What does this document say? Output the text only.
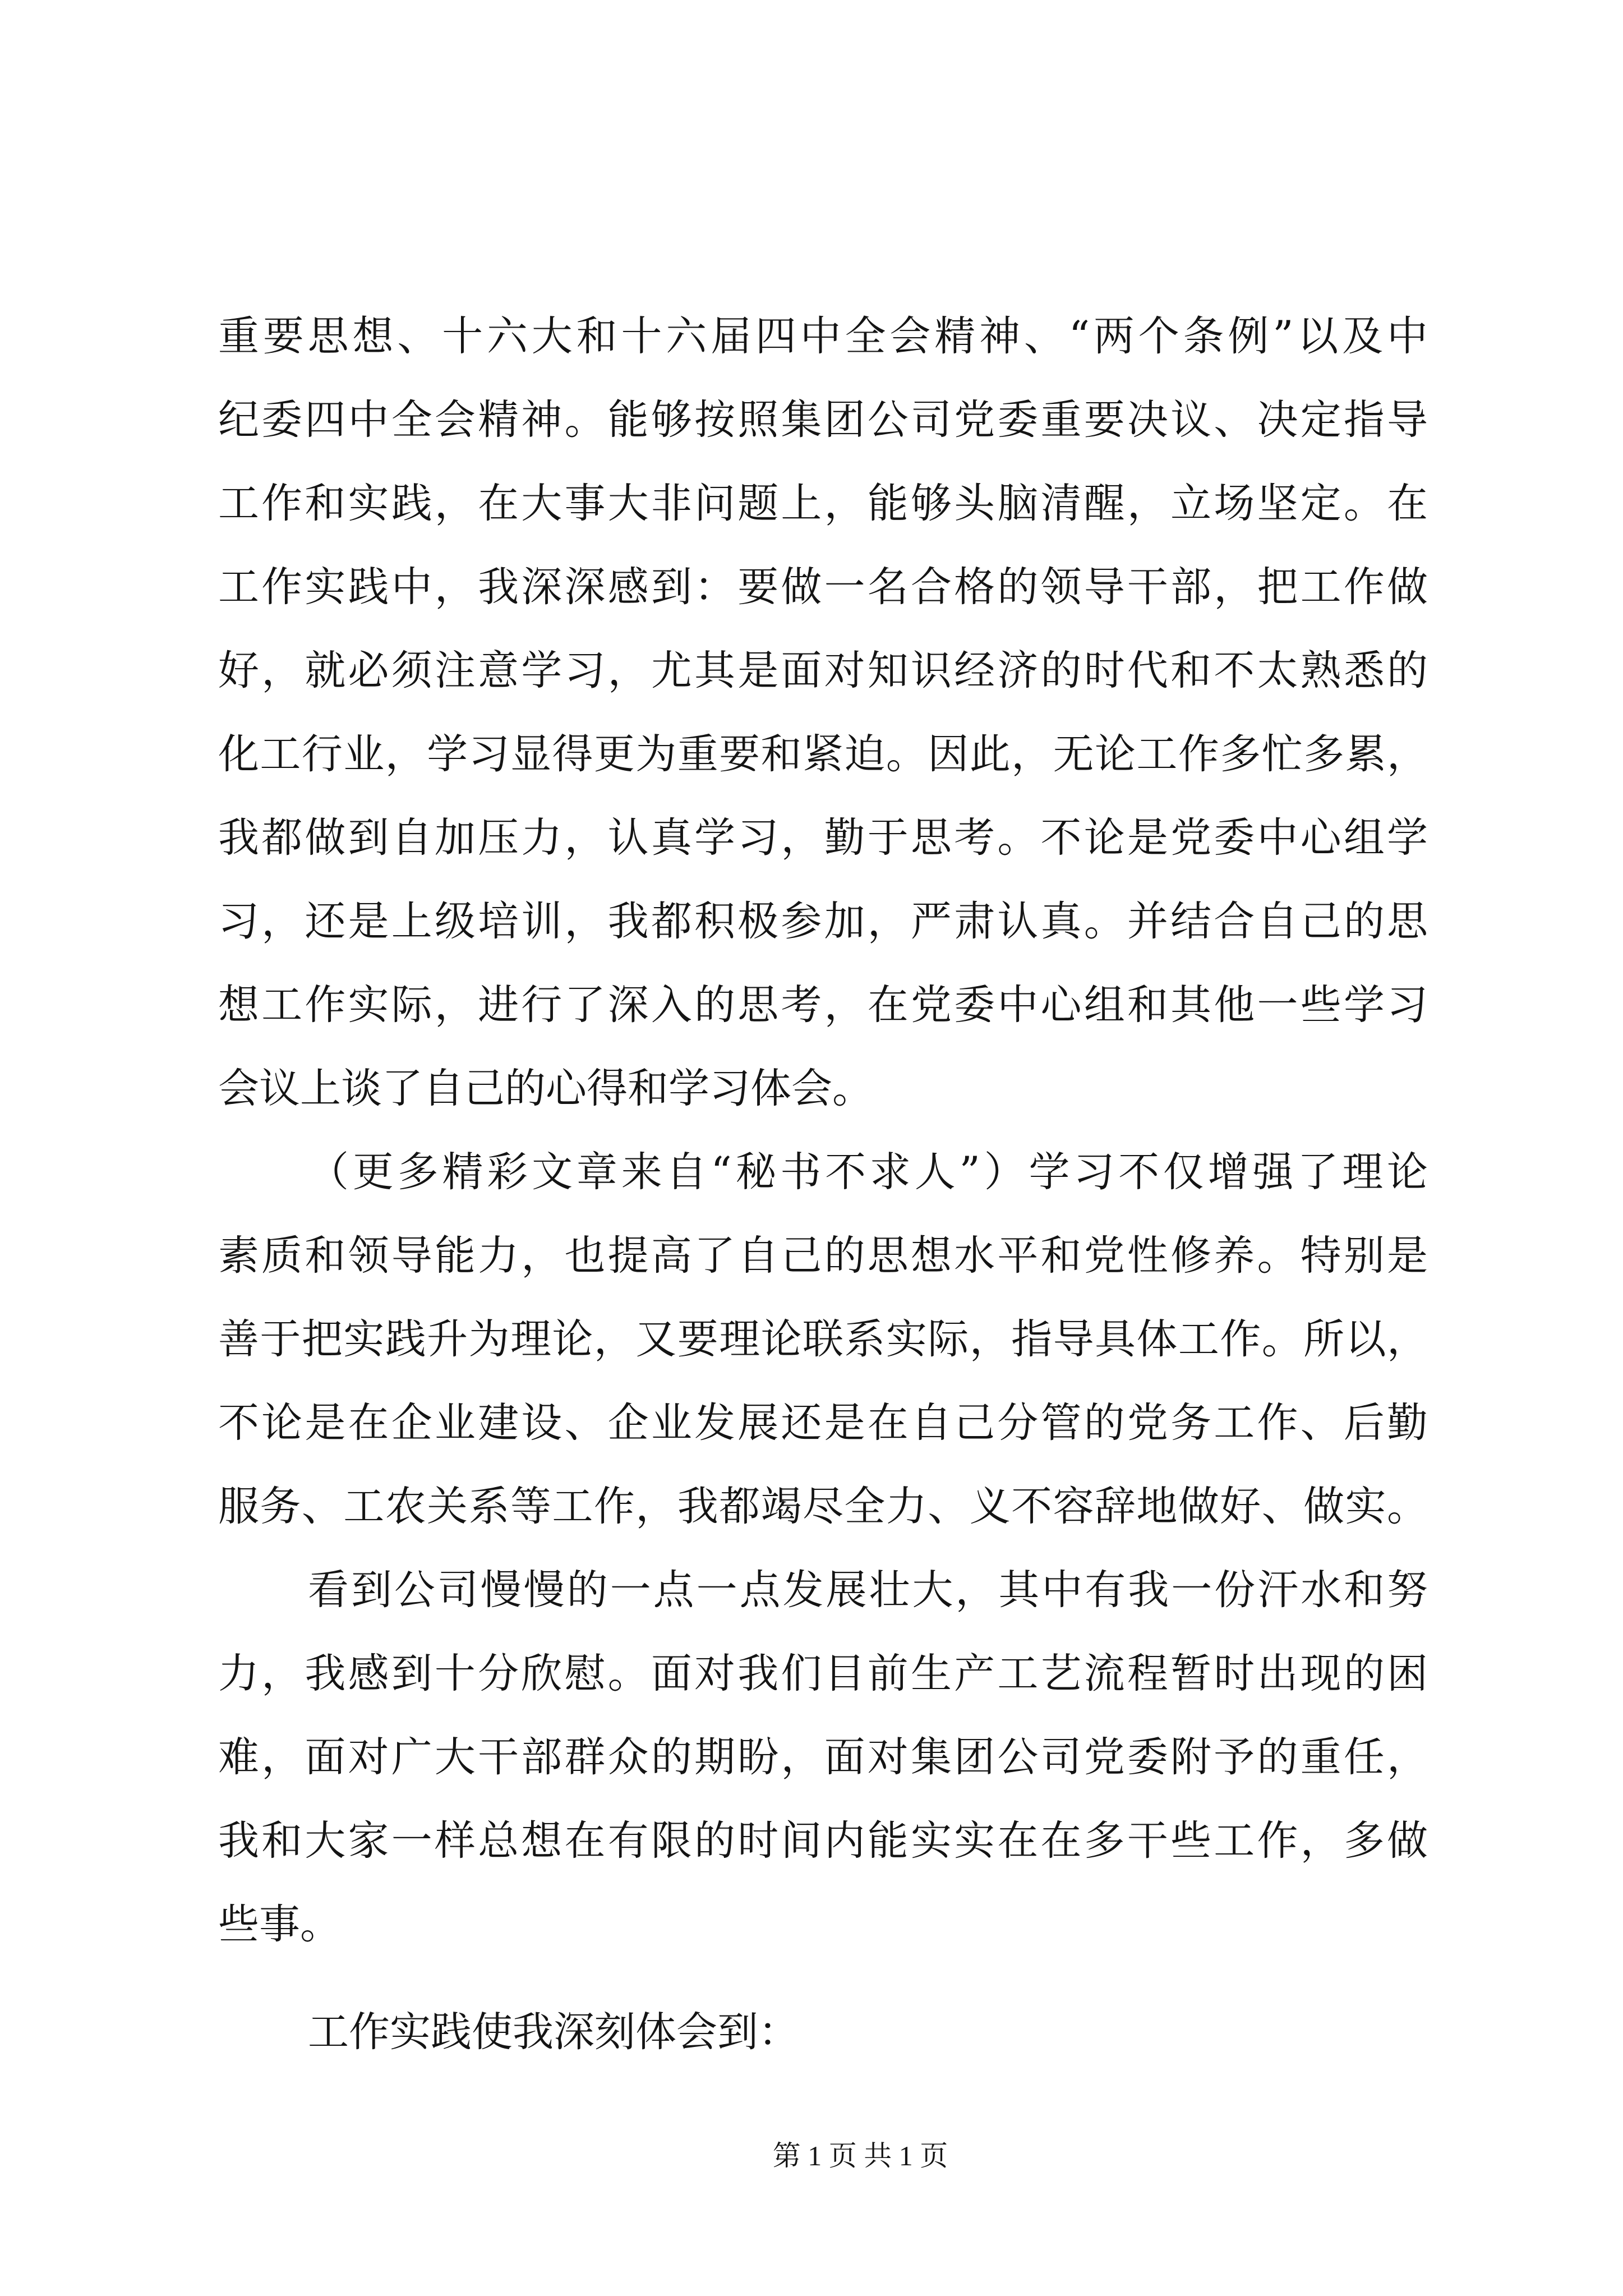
重要思想、十六大和十六届四中全会精神、“两个条例”以及中
纪委四中全会精神。能够按照集团公司党委重要决议、决定指导
工作和实践，在大事大非问题上，能够头脑清醒，立场坚定。在
工作实践中，我深深感到：要做一名合格的领导干部，把工作做
好，就必须注意学习，尤其是面对知识经济的时代和不太熟悉的
化工行业，学习显得更为重要和紧迫。因此，无论工作多忙多累，
我都做到自加压力，认真学习，勤于思考。不论是党委中心组学
习，还是上级培训，我都积极参加，严肃认真。并结合自己的思
想工作实际，进行了深入的思考，在党委中心组和其他一些学习
会议上谈了自己的心得和学习体会。
（更多精彩文章来自“秘书不求人”）学习不仅增强了理论
素质和领导能力，也提高了自己的思想水平和党性修养。特别是
善于把实践升为理论，又要理论联系实际，指导具体工作。所以，
不论是在企业建设、企业发展还是在自己分管的党务工作、后勤
服务、工农关系等工作，我都竭尽全力、义不容辞地做好、做实。
看到公司慢慢的一点一点发展壮大，其中有我一份汗水和努
力，我感到十分欣慰。面对我们目前生产工艺流程暂时出现的困
难，面对广大干部群众的期盼，面对集团公司党委附予的重任，
我和大家一样总想在有限的时间内能实实在在多干些工作，多做
些事。
工作实践使我深刻体会到：
第 1 页 共 1 页
